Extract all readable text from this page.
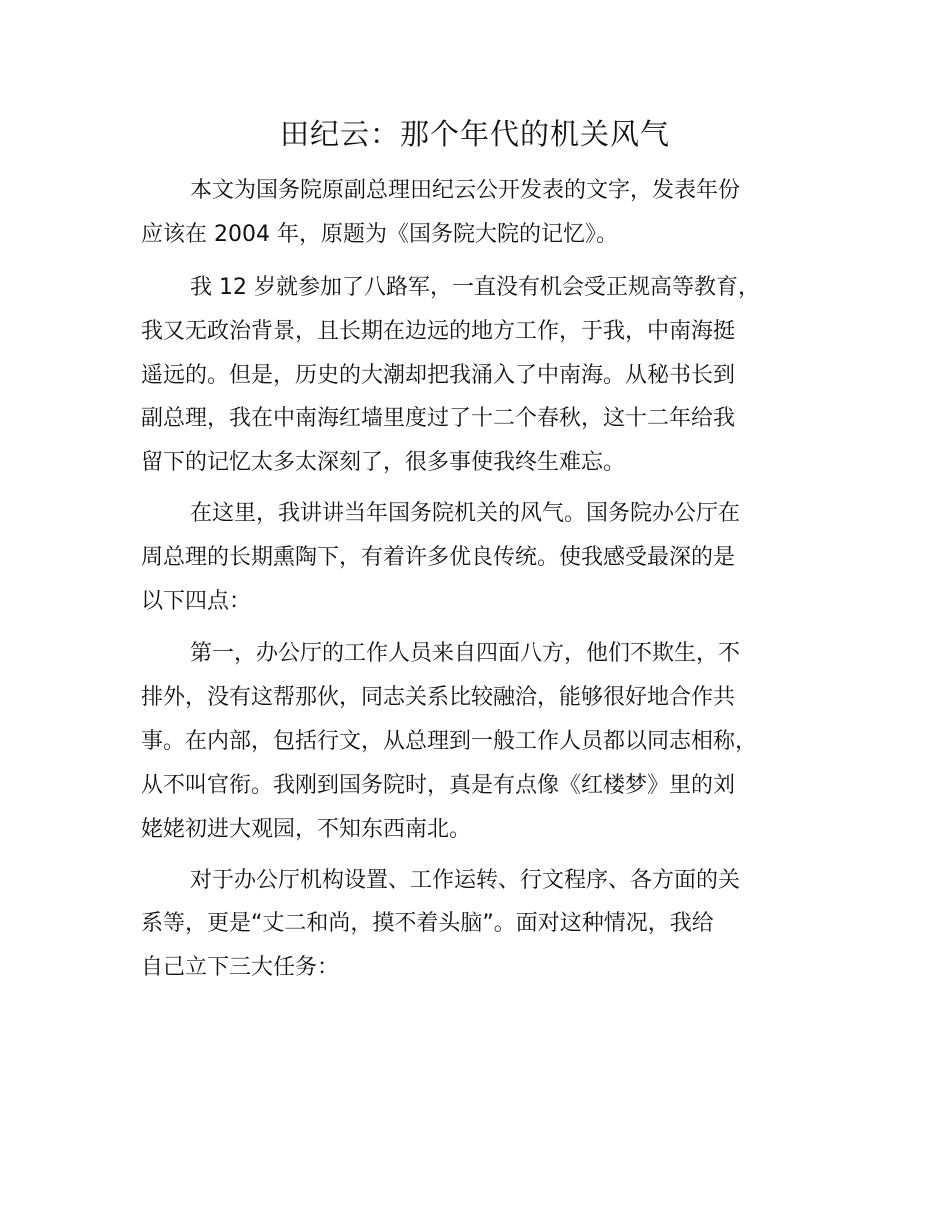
田纪云：那个年代的机关风气

本文为国务院原副总理田纪云公开发表的文字，发表年份

应该在 2004 年，原题为《国务院大院的记忆》。

我 12 岁就参加了八路军，一直没有机会受正规高等教育，

我又无政治背景，且长期在边远的地方工作，于我，中南海挺

遥远的。但是，历史的大潮却把我涌入了中南海。从秘书长到

副总理，我在中南海红墙里度过了十二个春秋，这十二年给我

留下的记忆太多太深刻了，很多事使我终生难忘。

在这里，我讲讲当年国务院机关的风气。国务院办公厅在

周总理的长期熏陶下，有着许多优良传统。使我感受最深的是

以下四点：

第一，办公厅的工作人员来自四面八方，他们不欺生，不

排外，没有这帮那伙，同志关系比较融洽，能够很好地合作共

事。在内部，包括行文，从总理到一般工作人员都以同志相称，

从不叫官衔。我刚到国务院时，真是有点像《红楼梦》里的刘

姥姥初进大观园，不知东西南北。

对于办公厅机构设置、工作运转、行文程序、各方面的关

系等，更是“丈二和尚，摸不着头脑”。面对这种情况，我给

自己立下三大任务：
